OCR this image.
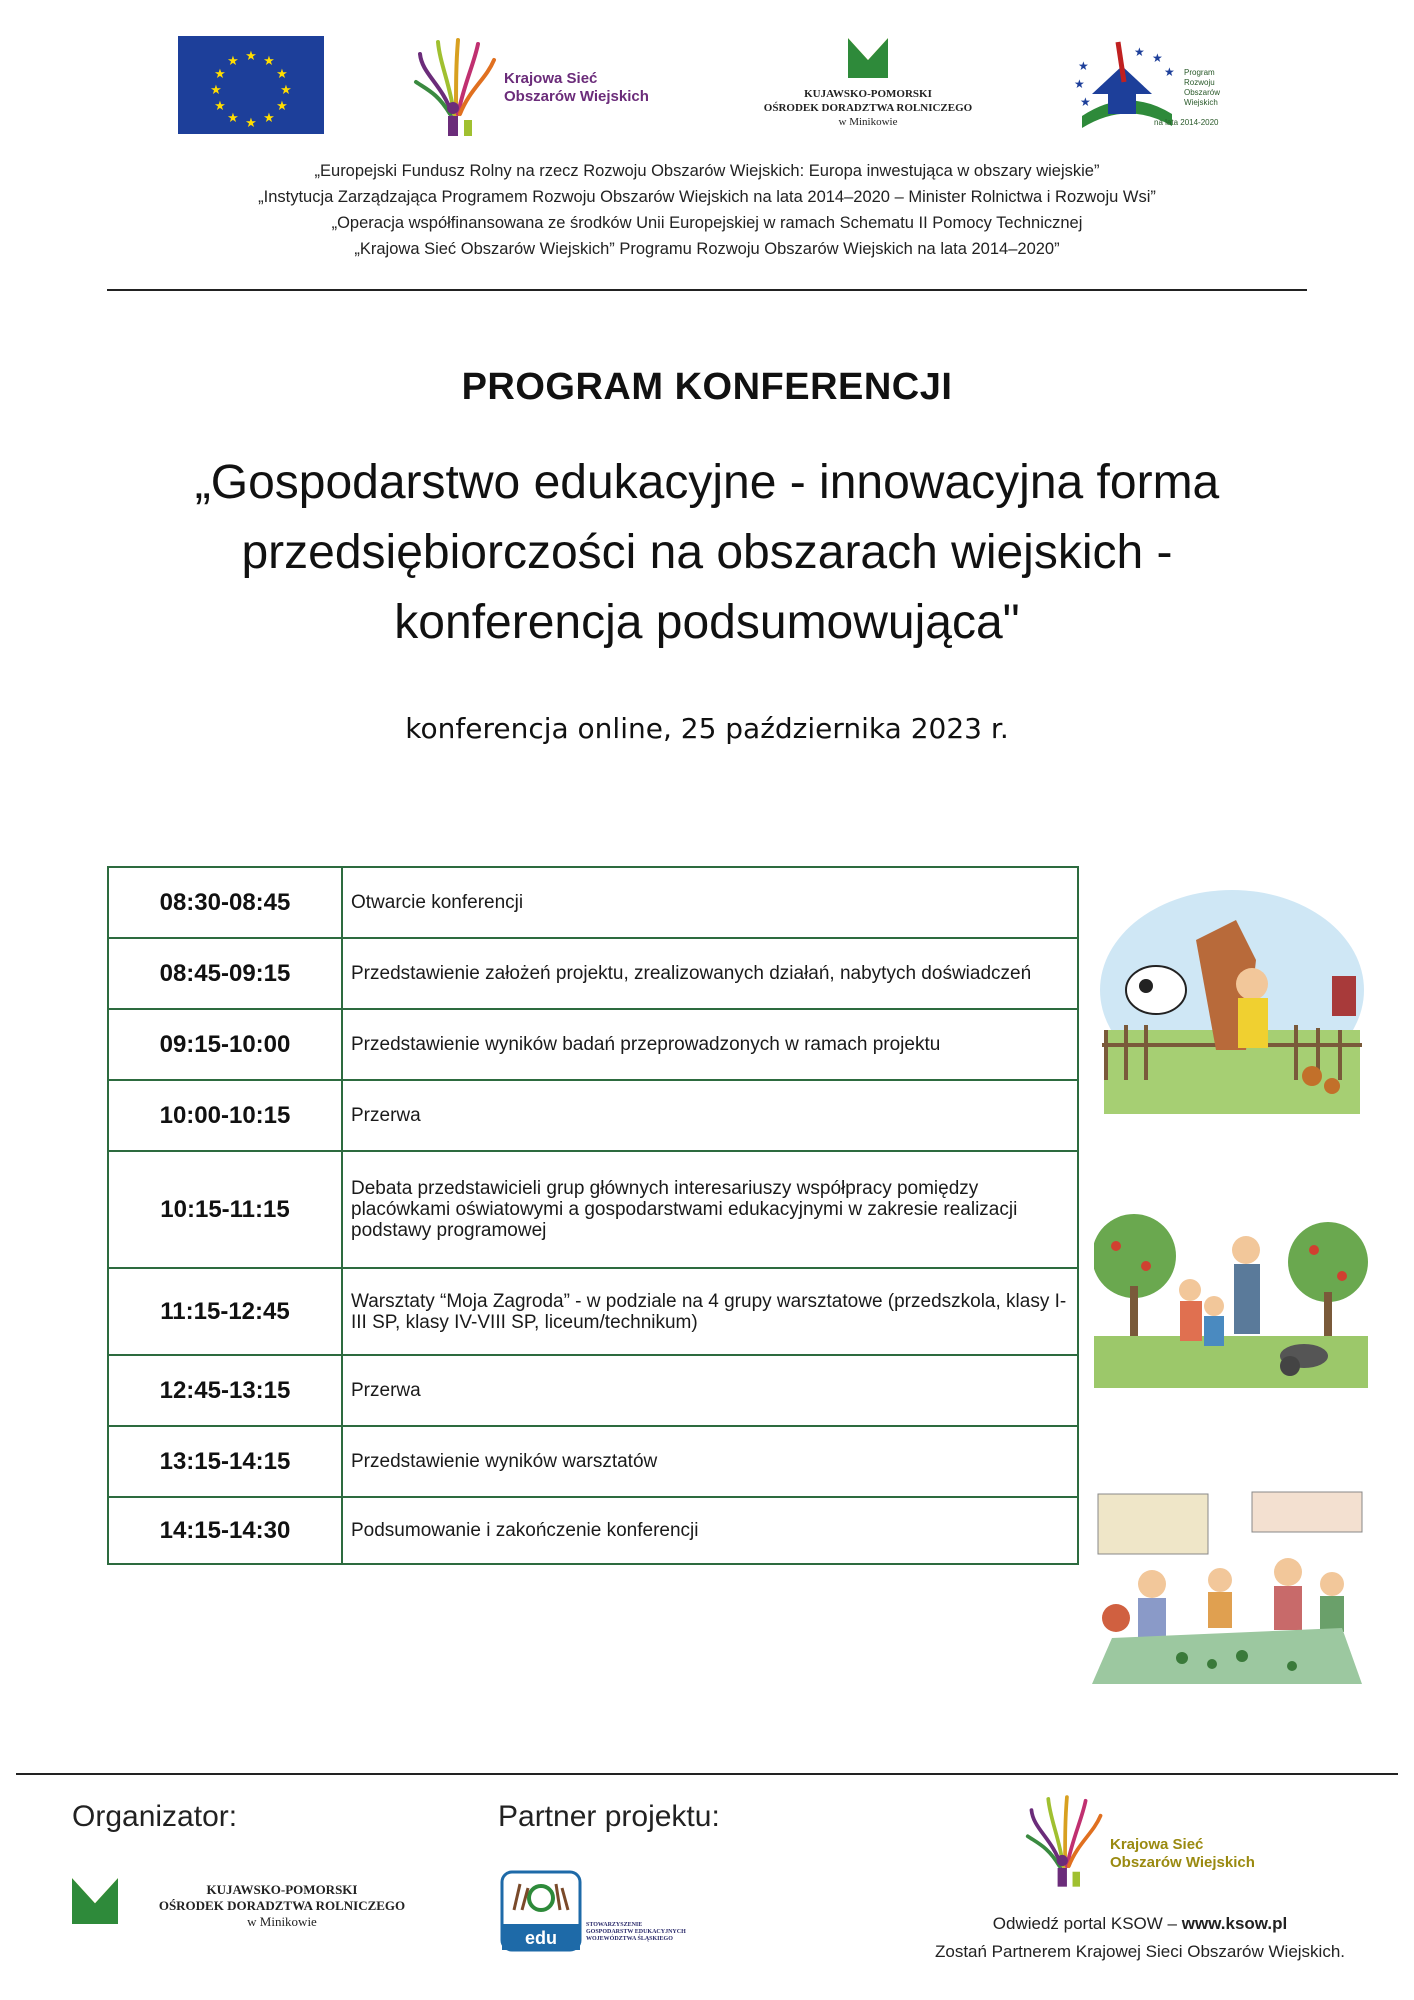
★ ★
★
★
★
★
★
★
★
★
★
★
Krajowa Sieć
Obszarów Wiejskich	KUJAWSKO-POMORSKI
OŚRODEK DORADZTWA ROLNICZEGO
w Minikowie
★
★
★
★ ★
★ Program
Rozwoju
Obszarów
Wiejskich
na lata 2014-2020
„Europejski Fundusz Rolny na rzecz Rozwoju Obszarów Wiejskich: Europa inwestująca w obszary wiejskie”
„Instytucja Zarządzająca Programem Rozwoju Obszarów Wiejskich na lata 2014–2020 – Minister Rolnictwa i Rozwoju Wsi”
„Operacja współfinansowana ze środków Unii Europejskiej w ramach Schematu II Pomocy Technicznej
„Krajowa Sieć Obszarów Wiejskich” Programu Rozwoju Obszarów Wiejskich na lata 2014–2020”
PROGRAM KONFERENCJI
„Gospodarstwo edukacyjne - innowacyjna forma
przedsiębiorczości na obszarach wiejskich -
konferencja podsumowująca"
konferencja online, 25 października 2023 r.
08:30-08:45	Otwarcie konferencji
08:45-09:15	Przedstawienie założeń projektu, zrealizowanych działań, nabytych doświadczeń
09:15-10:00	Przedstawienie wyników badań przeprowadzonych w ramach projektu
10:00-10:15	Przerwa
10:15-11:15	Debata przedstawicieli grup głównych interesariuszy współpracy pomiędzy placówkami oświatowymi a gospodarstwami edukacyjnymi w zakresie realizacji podstawy programowej
11:15-12:45	Warsztaty “Moja Zagroda” - w podziale na 4 grupy warsztatowe (przedszkola, klasy I-III SP, klasy IV-VIII SP, liceum/technikum)
12:45-13:15	Przerwa
13:15-14:15	Przedstawienie wyników warsztatów
14:15-14:30	Podsumowanie i zakończenie konferencji
Organizator:	Partner projektu:
KUJAWSKO-POMORSKI
OŚRODEK DORADZTWA ROLNICZEGO
w Minikowie
edu
STOWARZYSZENIE
GOSPODARSTW EDUKACYJNYCH
WOJEWÓDZTWA ŚLĄSKIEGO
Krajowa Sieć
Obszarów Wiejskich
Odwiedź portal KSOW – www.ksow.pl
Zostań Partnerem Krajowej Sieci Obszarów Wiejskich.
